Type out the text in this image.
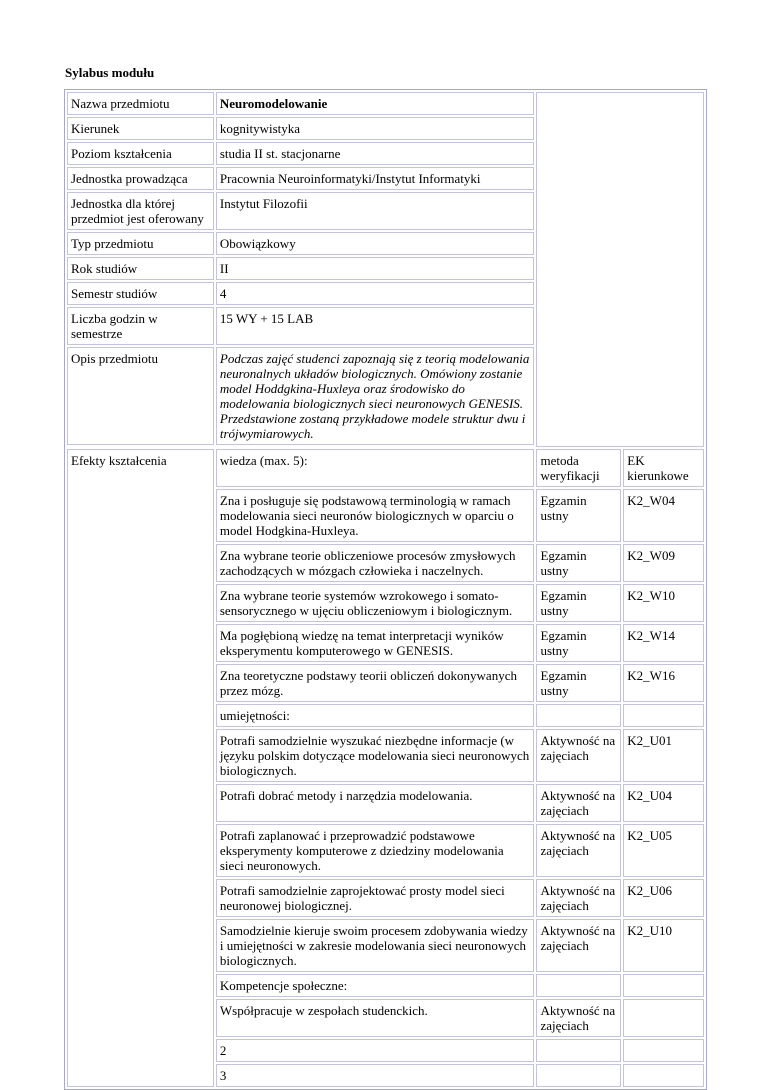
Sylabus modułu
Nazwa przedmiotu	Neuromodelowanie		
Kierunek	kognitywistyka		
Poziom kształcenia	studia II st. stacjonarne		
Jednostka prowadząca	Pracownia Neuroinformatyki/Instytut Informatyki		
Jednostka dla której przedmiot jest oferowany	Instytut Filozofii		
Typ przedmiotu	Obowiązkowy		
Rok studiów	II		
Semestr studiów	4		
Liczba godzin w semestrze	15 WY + 15 LAB		
Opis przedmiotu	Podczas zajęć studenci zapoznają się z teorią modelowania neuronalnych układów biologicznych. Omówiony zostanie model Hoddgkina-Huxleya oraz środowisko do modelowania biologicznych sieci neuronowych GENESIS. Przedstawione zostaną przykładowe modele struktur dwu i trójwymiarowych.		

Efekty kształcenia	wiedza (max. 5):	metoda weryfikacji	EK kierunkowe
	Zna i posługuje się podstawową terminologią w ramach modelowania sieci neuronów biologicznych w oparciu o model Hodgkina-Huxleya.	Egzamin ustny	K2_W04
	Zna wybrane teorie obliczeniowe procesów zmysłowych zachodzących w mózgach człowieka i naczelnych.	Egzamin ustny	K2_W09
	Zna wybrane teorie systemów wzrokowego i somato-sensorycznego w ujęciu obliczeniowym i biologicznym.	Egzamin ustny	K2_W10
	Ma pogłębioną wiedzę na temat interpretacji wyników eksperymentu komputerowego w GENESIS.	Egzamin ustny	K2_W14
	Zna teoretyczne podstawy teorii obliczeń dokonywanych przez mózg.	Egzamin ustny	K2_W16
	umiejętności:		
	Potrafi samodzielnie wyszukać niezbędne informacje (w języku polskim dotyczące modelowania sieci neuronowych biologicznych.	Aktywność na zajęciach	K2_U01
	Potrafi dobrać metody i narzędzia modelowania.	Aktywność na zajęciach	K2_U04
	Potrafi zaplanować i przeprowadzić podstawowe eksperymenty komputerowe z dziedziny modelowania sieci neuronowych.	Aktywność na zajęciach	K2_U05
	Potrafi samodzielnie zaprojektować prosty model sieci neuronowej biologicznej.	Aktywność na zajęciach	K2_U06
	Samodzielnie kieruje swoim procesem zdobywania wiedzy i umiejętności w zakresie modelowania sieci neuronowych biologicznych.	Aktywność na zajęciach	K2_U10
	Kompetencje społeczne:		
	Współpracuje w zespołach studenckich.	Aktywność na zajęciach	
	2		
	3		
